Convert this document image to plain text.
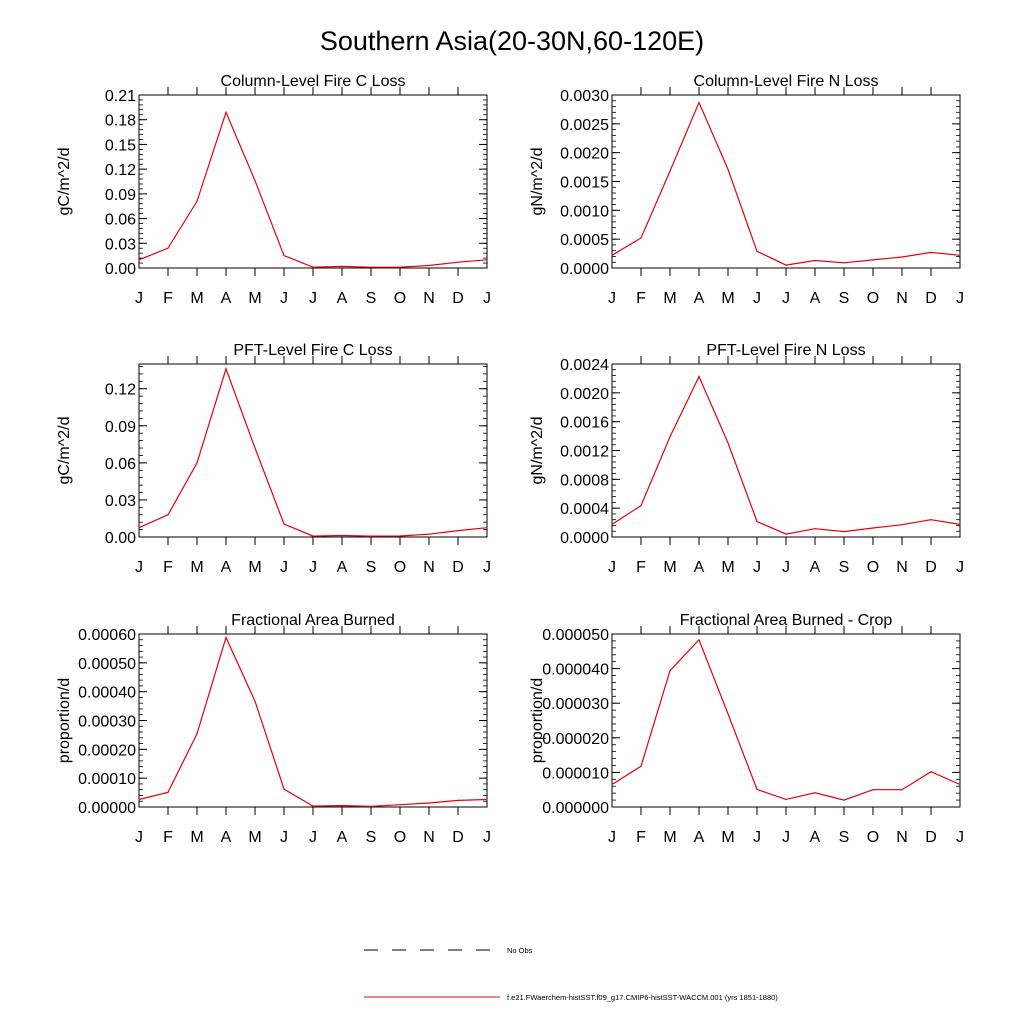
Southern Asia(20-30N,60-120E)
Column-Level Fire C Loss
gC/m^2/d
0.00
0.03
0.06
0.09
0.12
0.15
0.18
0.21
J F M A M J J A S O N D J
Column-Level Fire N Loss
gN/m^2/d
0.0000
0.0005
0.0010
0.0015
0.0020
0.0025
0.0030
J F M A M J J A S O N D J
PFT-Level Fire C Loss
gC/m^2/d
0.00
0.03
0.06
0.09
0.12
J F M A M J J A S O N D J
PFT-Level Fire N Loss
gN/m^2/d
0.0000
0.0004
0.0008
0.0012
0.0016
0.0020
0.0024
J F M A M J J A S O N D J
Fractional Area Burned
proportion/d
0.00000
0.00010
0.00020
0.00030
0.00040
0.00050
0.00060
J F M A M J J A S O N D J
Fractional Area Burned - Crop
proportion/d
0.000000
0.000010
0.000020
0.000030
0.000040
0.000050
J F M A M J J A S O N D J
No Obs
f.e21.FWaerchem-histSST.f09_g17.CMIP6-histSST-WACCM.001 (yrs 1851-1880)
